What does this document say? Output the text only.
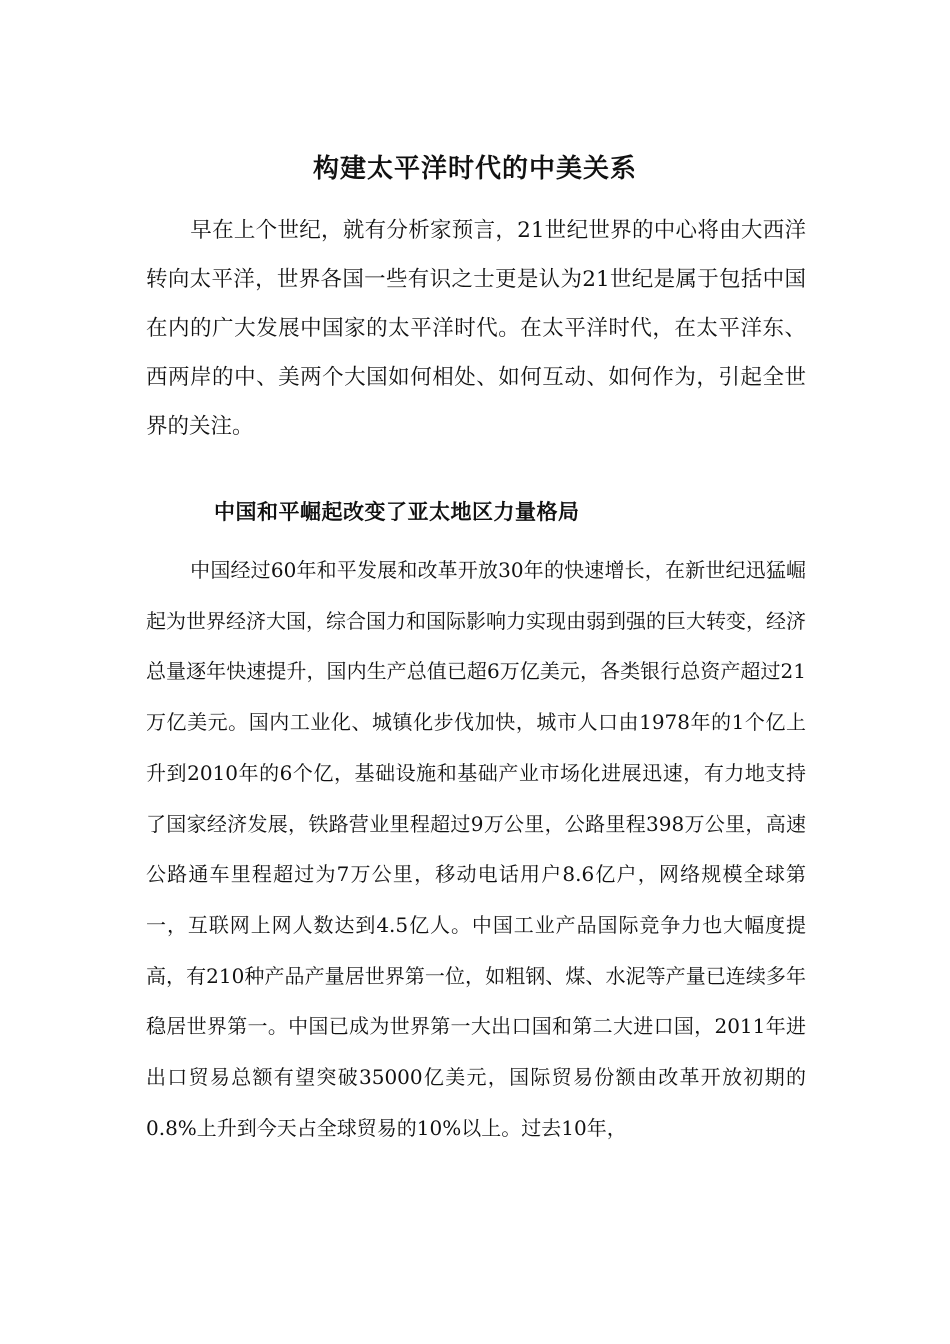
构建太平洋时代的中美关系

早在上个世纪，就有分析家预言，21世纪世界的中心将由大西洋转向太平洋，世界各国一些有识之士更是认为21世纪是属于包括中国在内的广大发展中国家的太平洋时代。在太平洋时代，在太平洋东、西两岸的中、美两个大国如何相处、如何互动、如何作为，引起全世界的关注。

中国和平崛起改变了亚太地区力量格局

中国经过60年和平发展和改革开放30年的快速增长，在新世纪迅猛崛起为世界经济大国，综合国力和国际影响力实现由弱到强的巨大转变，经济总量逐年快速提升，国内生产总值已超6万亿美元，各类银行总资产超过21万亿美元。国内工业化、城镇化步伐加快，城市人口由1978年的1个亿上升到2010年的6个亿，基础设施和基础产业市场化进展迅速，有力地支持了国家经济发展，铁路营业里程超过9万公里，公路里程398万公里，高速公路通车里程超过为7万公里，移动电话用户8.6亿户，网络规模全球第一，互联网上网人数达到4.5亿人。中国工业产品国际竞争力也大幅度提高，有210种产品产量居世界第一位，如粗钢、煤、水泥等产量已连续多年稳居世界第一。中国已成为世界第一大出口国和第二大进口国，2011年进出口贸易总额有望突破35000亿美元，国际贸易份额由改革开放初期的0.8%上升到今天占全球贸易的10%以上。过去10年，
